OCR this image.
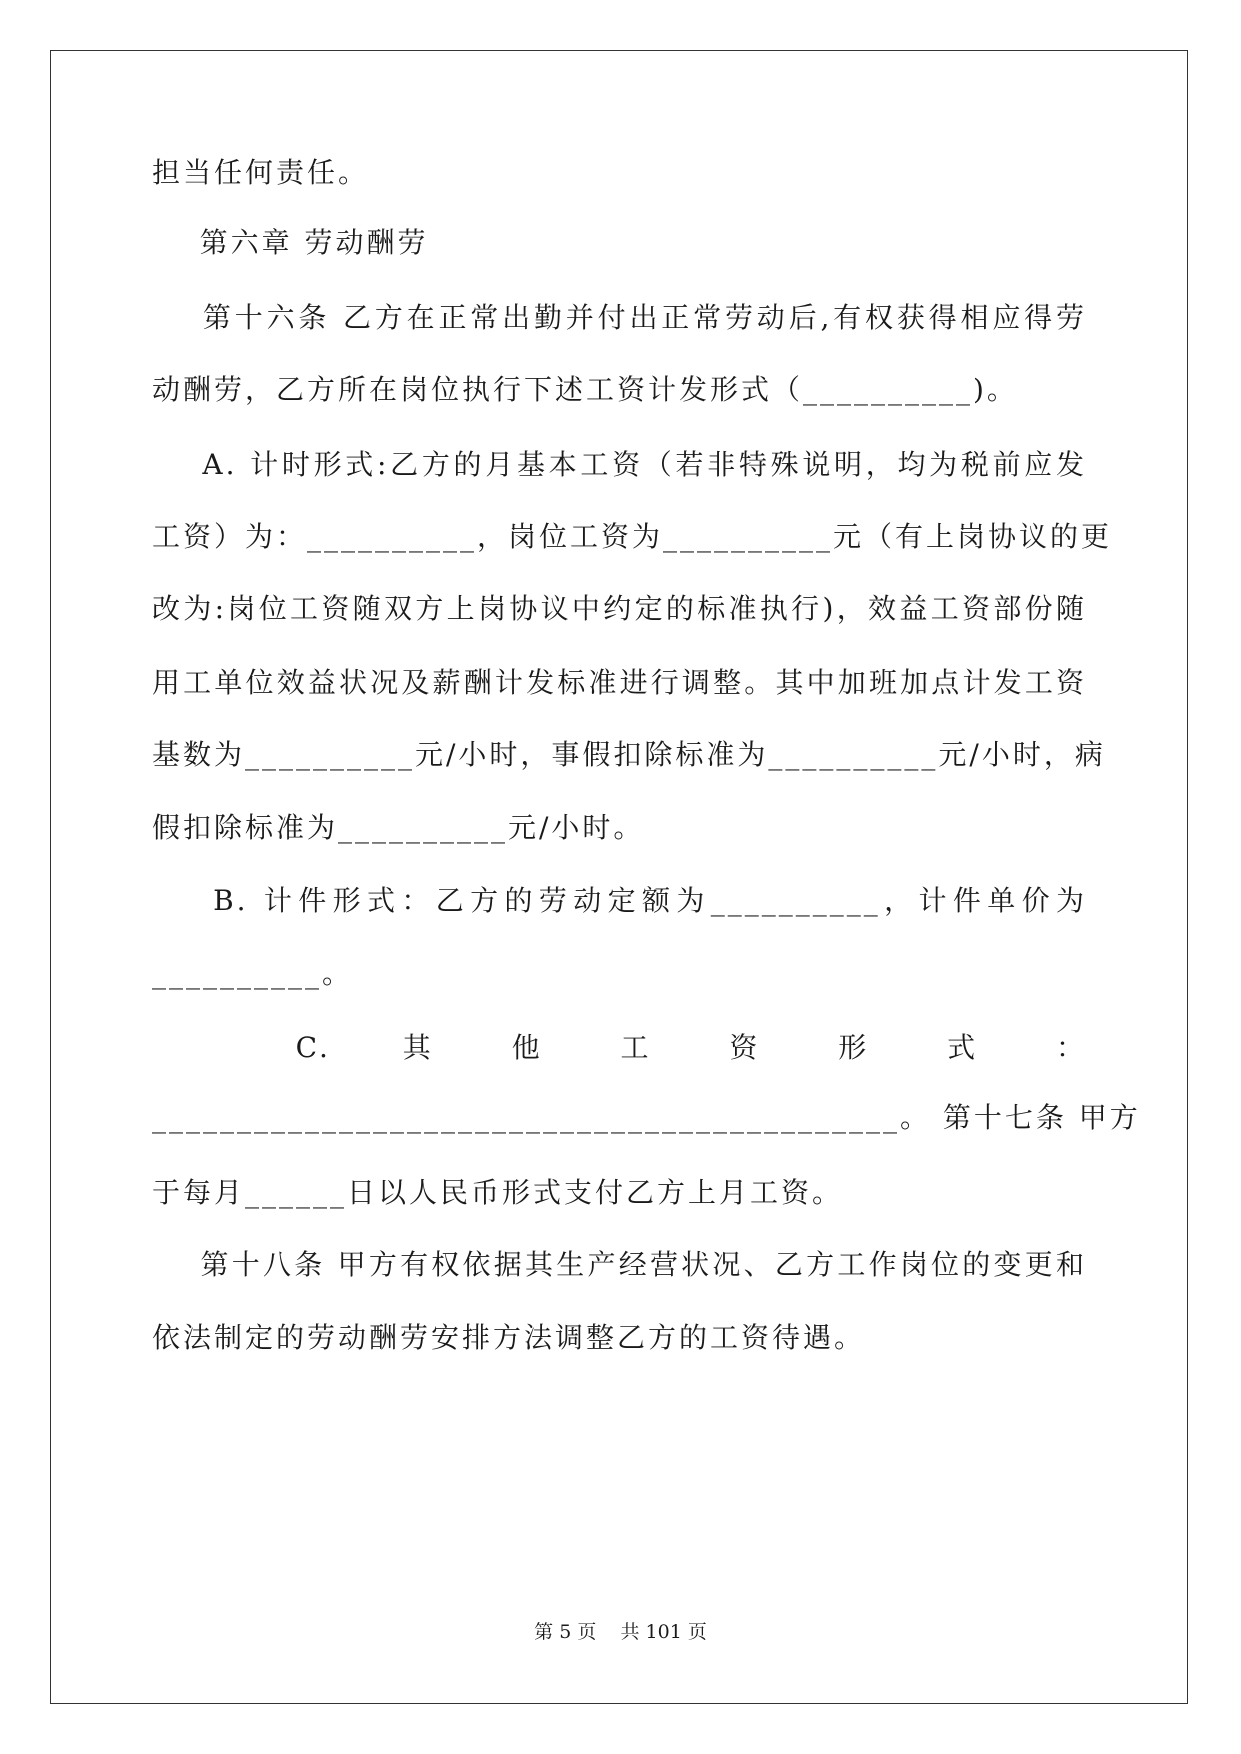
担当任何责任。
第六章 劳动酬劳
第十六条 乙方在正常出勤并付出正常劳动后,有权获得相应得劳
动酬劳，乙方所在岗位执行下述工资计发形式（__________)。
A. 计时形式:乙方的月基本工资（若非特殊说明，均为税前应发
工资）为：__________，岗位工资为__________元（有上岗协议的更
改为:岗位工资随双方上岗协议中约定的标准执行)，效益工资部份随
用工单位效益状况及薪酬计发标准进行调整。其中加班加点计发工资
基数为__________元/小时，事假扣除标准为__________元/小时，病
假扣除标准为__________元/小时。
B. 计件形式：乙方的劳动定额为__________，计件单价为
__________。
C.    其    他    工    资    形    式    ：
____________________________________________。 第十七条 甲方
于每月______日以人民币形式支付乙方上月工资。
第十八条 甲方有权依据其生产经营状况、乙方工作岗位的变更和
依法制定的劳动酬劳安排方法调整乙方的工资待遇。
第 5 页    共 101 页
